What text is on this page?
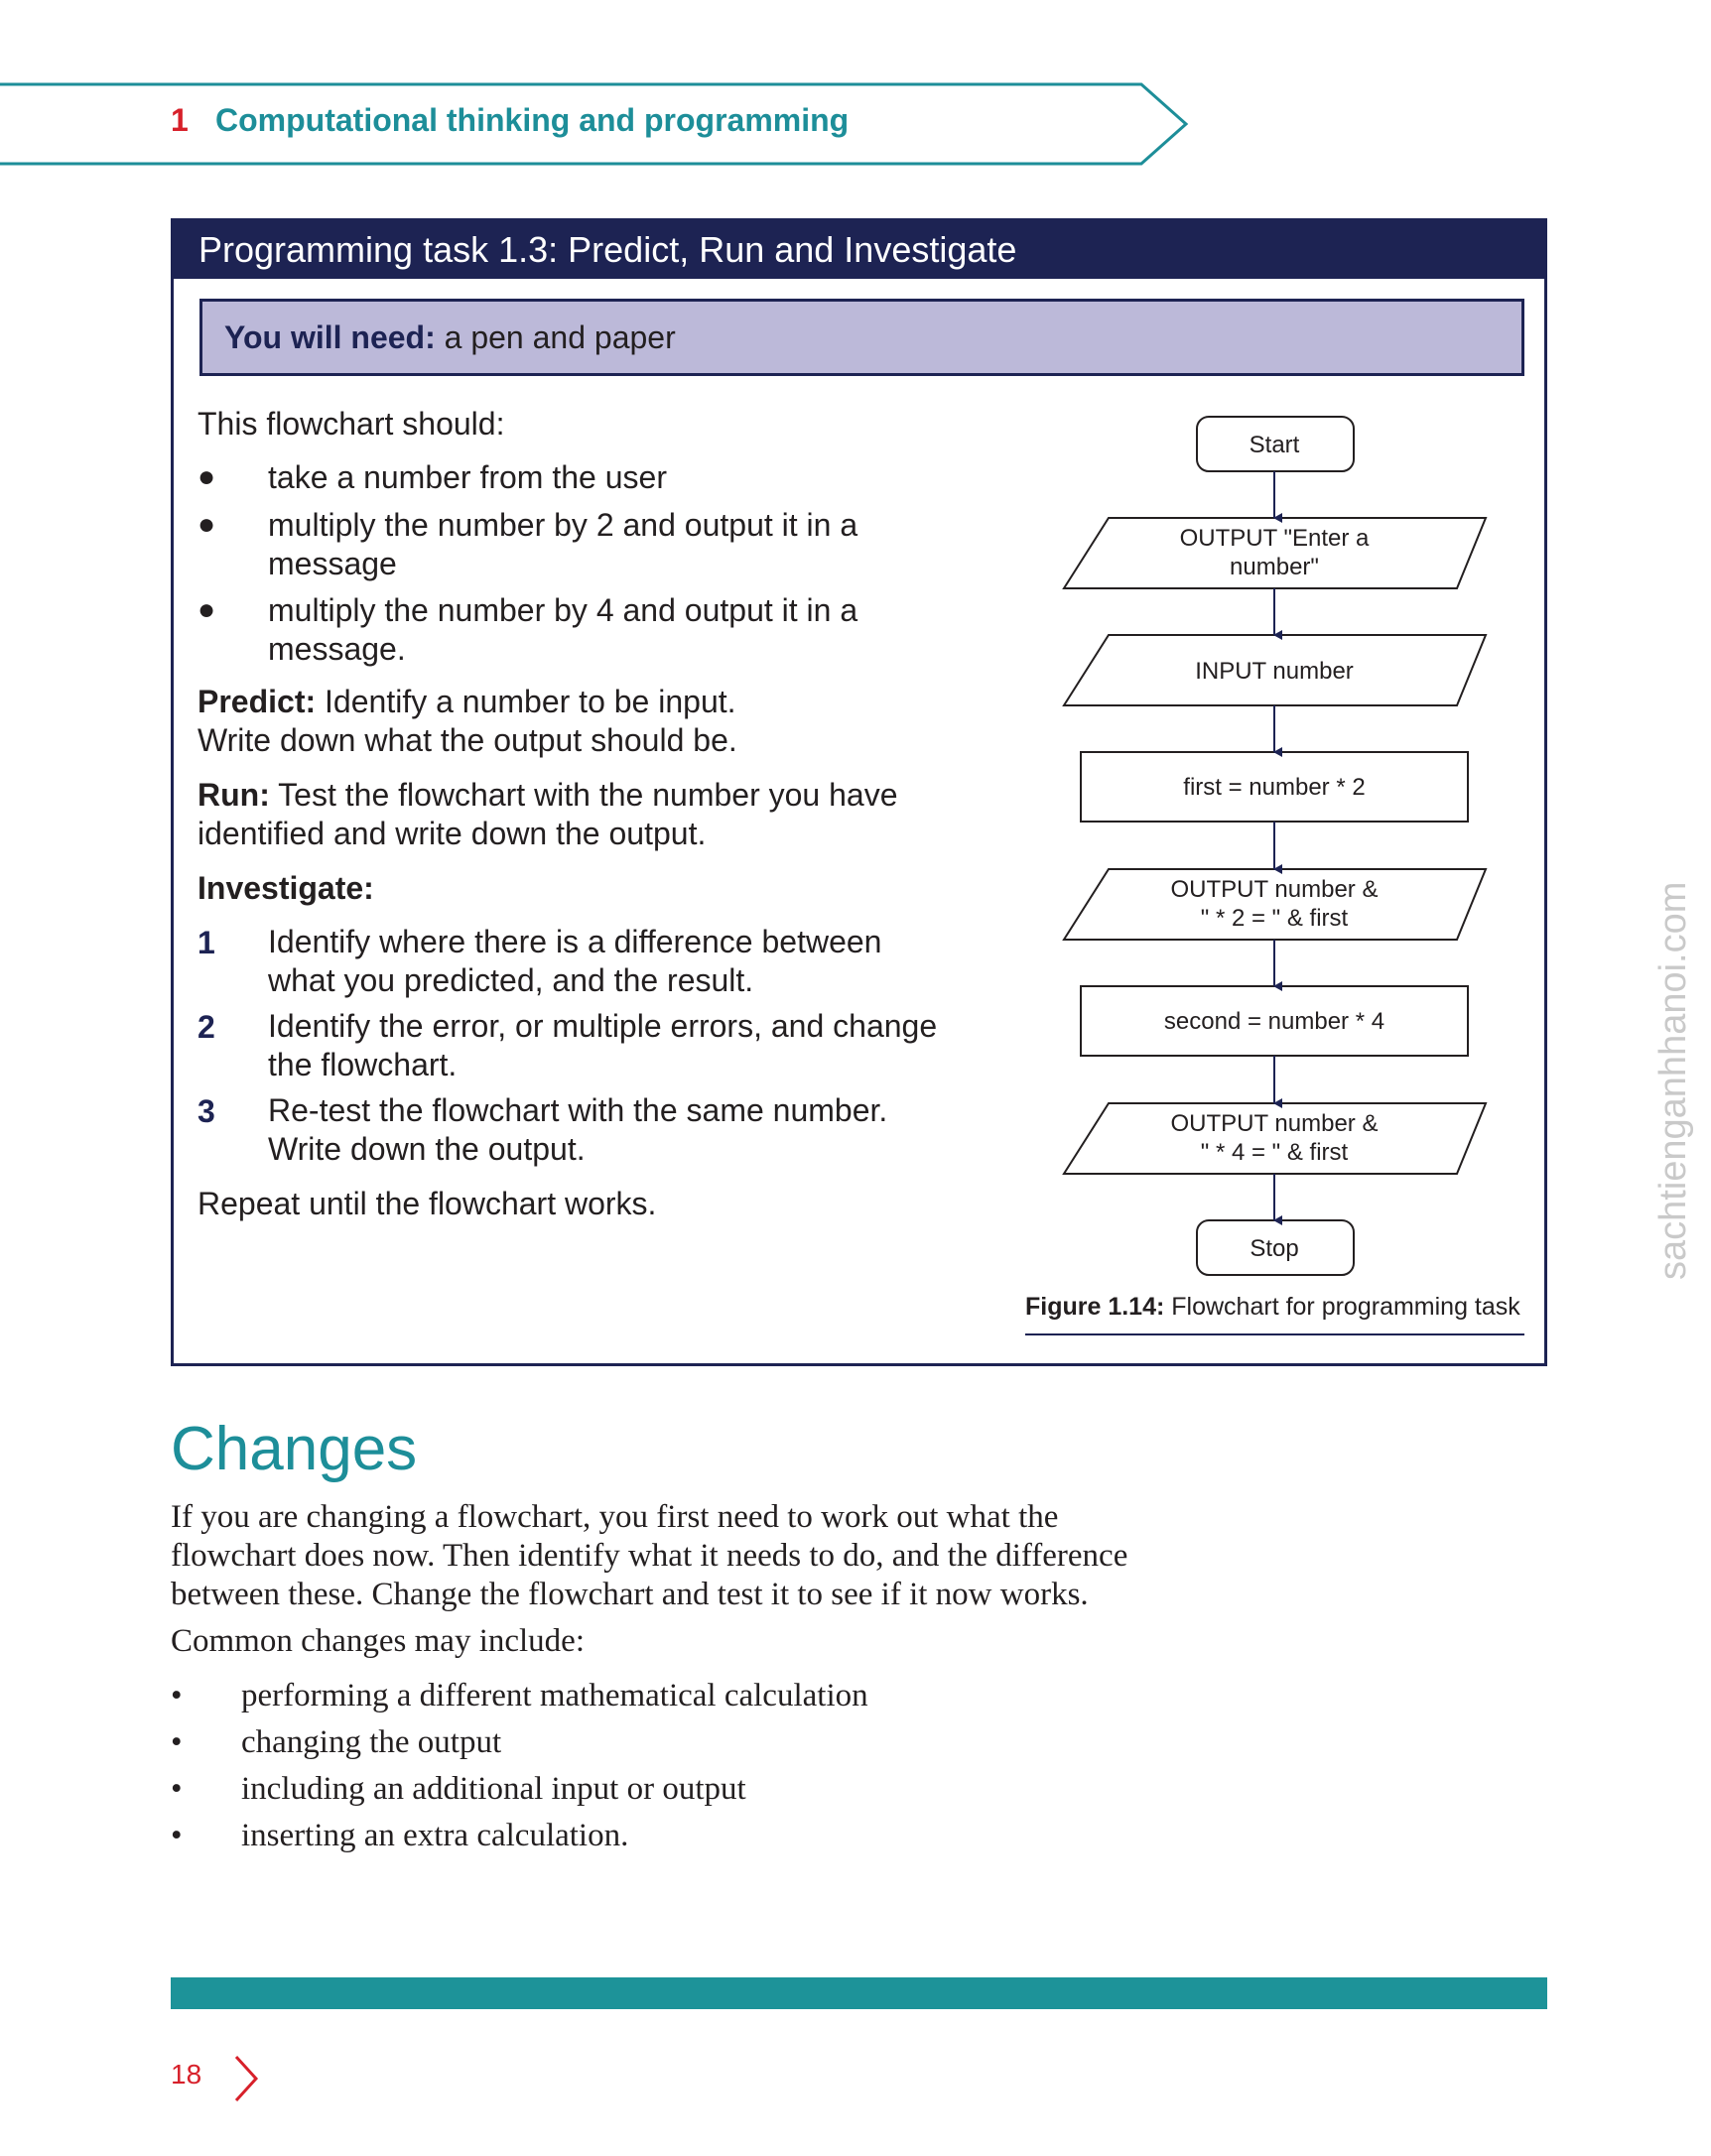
1 Computational thinking and programming
Programming task 1.3: Predict, Run and Investigate
You will need: a pen and paper
This flowchart should:
● take a number from the user
● multiply the number by 2 and output it in a message
● multiply the number by 4 and output it in a message.
Predict: Identify a number to be input.
Write down what the output should be.
Run: Test the flowchart with the number you have
identified and write down the output.
Investigate:
1 Identify where there is a difference between
what you predicted, and the result.
2 Identify the error, or multiple errors, and change
the flowchart.
3 Re-test the flowchart with the same number.
Write down the output.
Repeat until the flowchart works.
Start
OUTPUT "Enter a
number"
INPUT number
first = number * 2
OUTPUT number &
" * 2 = " & first
second = number * 4
OUTPUT number &
" * 4 = " & first
Stop
Figure 1.14: Flowchart for programming task
Changes
If you are changing a flowchart, you first need to work out what the
flowchart does now. Then identify what it needs to do, and the difference
between these. Change the flowchart and test it to see if it now works.
Common changes may include:
• performing a different mathematical calculation
• changing the output
• including an additional input or output
• inserting an extra calculation.
18
sachtienganhhanoi.com
